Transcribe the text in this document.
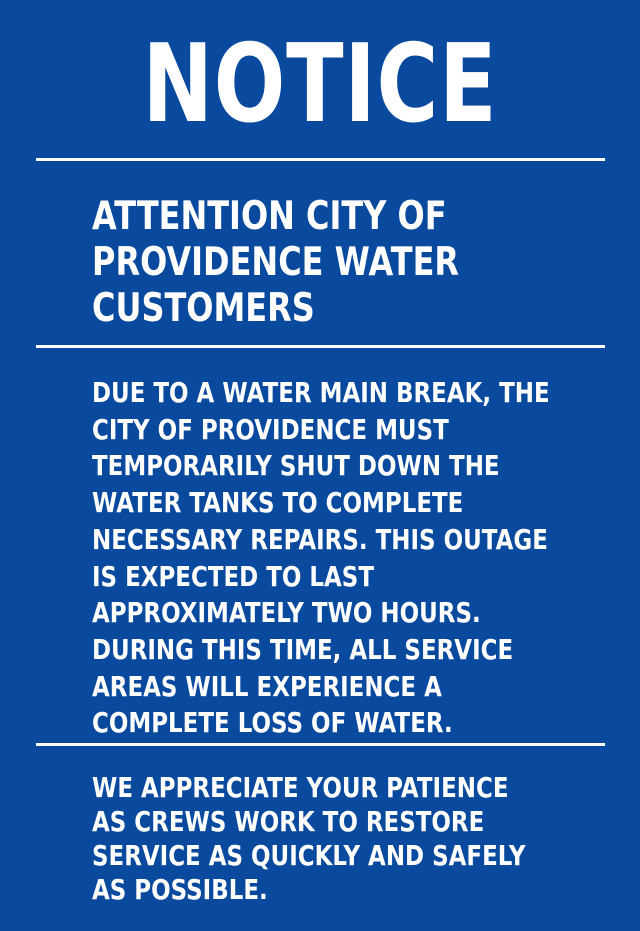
NOTICE
ATTENTION CITY OF
PROVIDENCE WATER
CUSTOMERS
DUE TO A WATER MAIN BREAK, THE
CITY OF PROVIDENCE MUST
TEMPORARILY SHUT DOWN THE
WATER TANKS TO COMPLETE
NECESSARY REPAIRS. THIS OUTAGE
IS EXPECTED TO LAST
APPROXIMATELY TWO HOURS.
DURING THIS TIME, ALL SERVICE
AREAS WILL EXPERIENCE A
COMPLETE LOSS OF WATER.
WE APPRECIATE YOUR PATIENCE
AS CREWS WORK TO RESTORE
SERVICE AS QUICKLY AND SAFELY
AS POSSIBLE.
